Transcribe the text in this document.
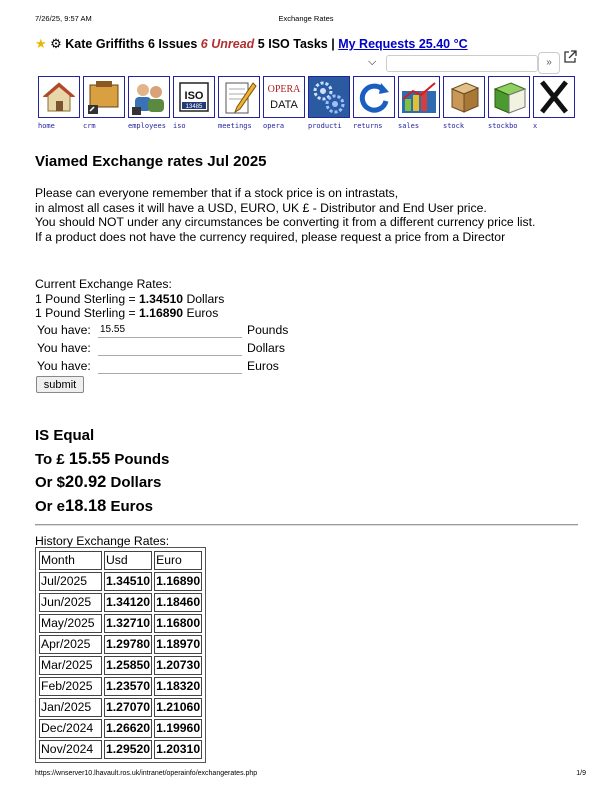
7/26/25, 9:57 AM	Exchange Rates
★ ⚙ Kate Griffiths 6 Issues 6 Unread 5 ISO Tasks | My Requests 25.40 °C
⌵	»
home	crm	employees
ISO
13485
iso	meetings
OPERA
DATA
opera	producti returns sales	stock	stockbo x
Viamed Exchange rates Jul 2025
Please can everyone remember that if a stock price is on intrastats,
in almost all cases it will have a USD, EURO, UK £ - Distributor and End User price.
You should NOT under any circumstances be converting it from a different currency price list.
If a product does not have the currency required, please request a price from a Director
Current Exchange Rates:
1 Pound Sterling = 1.34510 Dollars
1 Pound Sterling = 1.16890 Euros
You have:
15.55	Pounds
You have:	Dollars
You have:	Euros
submit
IS Equal
To £ 15.55 Pounds
Or $20.92 Dollars
Or e18.18 Euros
History Exchange Rates:
Month	Usd	Euro
Jul/2025	1.34510	1.16890
Jun/2025	1.34120	1.18460
May/2025	1.32710	1.16800
Apr/2025	1.29780	1.18970
Mar/2025	1.25850	1.20730
Feb/2025	1.23570	1.18320
Jan/2025	1.27070	1.21060
Dec/2024	1.26620	1.19960
Nov/2024	1.29520	1.20310
https://wnserver10.lhavault.ros.uk/intranet/operainfo/exchangerates.php	1/9
